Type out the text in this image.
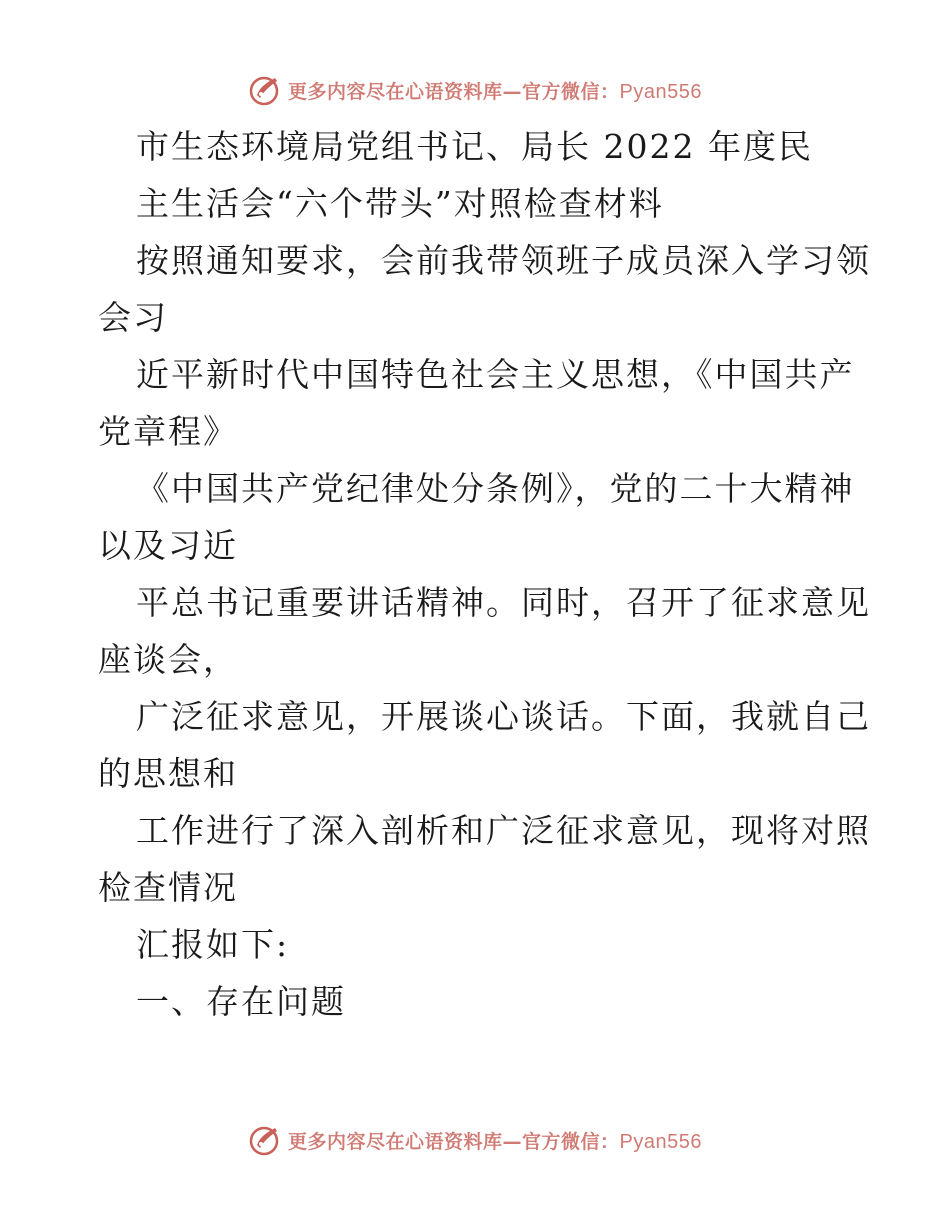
更多内容尽在心语资料库—官方微信：Pyan556
市生态环境局党组书记、局长 2022 年度民
主生活会“六个带头”对照检查材料
按照通知要求，会前我带领班子成员深入学习领
会习
近平新时代中国特色社会主义思想，《中国共产
党章程》
《中国共产党纪律处分条例》，党的二十大精神
以及习近
平总书记重要讲话精神。同时，召开了征求意见
座谈会，
广泛征求意见，开展谈心谈话。下面，我就自己
的思想和
工作进行了深入剖析和广泛征求意见，现将对照
检查情况
汇报如下:
一、存在问题
更多内容尽在心语资料库—官方微信：Pyan556
